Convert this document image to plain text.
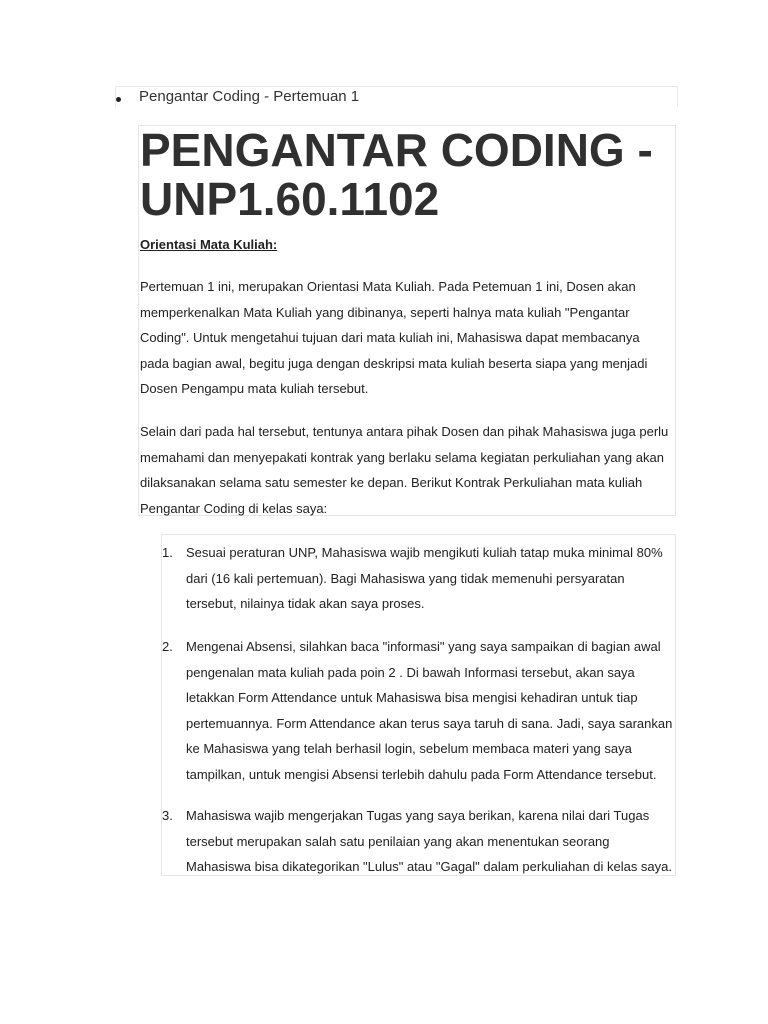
Pengantar Coding - Pertemuan 1
PENGANTAR CODING - UNP1.60.1102
Orientasi Mata Kuliah:

Pertemuan 1 ini, merupakan Orientasi Mata Kuliah. Pada Petemuan 1 ini, Dosen akan memperkenalkan Mata Kuliah yang dibinanya, seperti halnya mata kuliah "Pengantar Coding". Untuk mengetahui tujuan dari mata kuliah ini, Mahasiswa dapat membacanya pada bagian awal, begitu juga dengan deskripsi mata kuliah beserta siapa yang menjadi Dosen Pengampu mata kuliah tersebut.

Selain dari pada hal tersebut, tentunya antara pihak Dosen dan pihak Mahasiswa juga perlu memahami dan menyepakati kontrak yang berlaku selama kegiatan perkuliahan yang akan dilaksanakan selama satu semester ke depan. Berikut Kontrak Perkuliahan mata kuliah Pengantar Coding di kelas saya:

1. Sesuai peraturan UNP, Mahasiswa wajib mengikuti kuliah tatap muka minimal 80% dari (16 kali pertemuan). Bagi Mahasiswa yang tidak memenuhi persyaratan tersebut, nilainya tidak akan saya proses.
2. Mengenai Absensi, silahkan baca "informasi" yang saya sampaikan di bagian awal pengenalan mata kuliah pada poin 2 . Di bawah Informasi tersebut, akan saya letakkan Form Attendance untuk Mahasiswa bisa mengisi kehadiran untuk tiap pertemuannya. Form Attendance akan terus saya taruh di sana. Jadi, saya sarankan ke Mahasiswa yang telah berhasil login, sebelum membaca materi yang saya tampilkan, untuk mengisi Absensi terlebih dahulu pada Form Attendance tersebut.
3. Mahasiswa wajib mengerjakan Tugas yang saya berikan, karena nilai dari Tugas tersebut merupakan salah satu penilaian yang akan menentukan seorang Mahasiswa bisa dikategorikan "Lulus" atau "Gagal" dalam perkuliahan di kelas saya.
